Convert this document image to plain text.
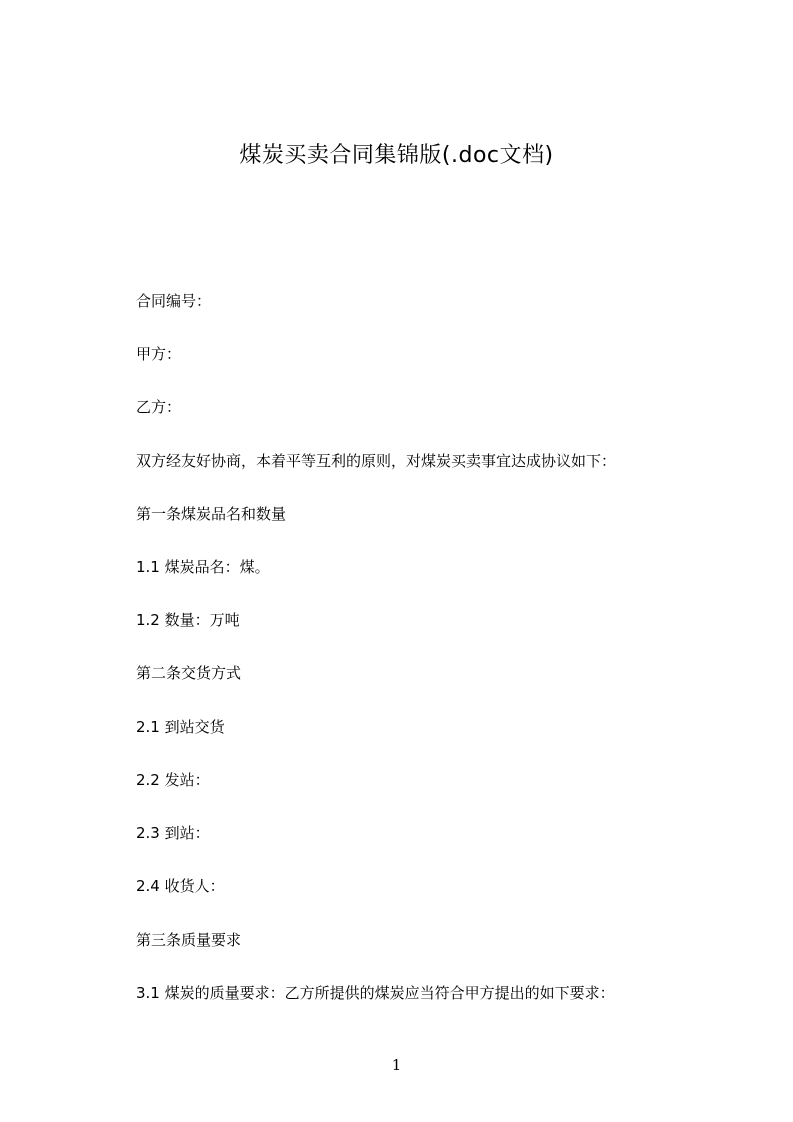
煤炭买卖合同集锦版(.doc文档)
合同编号：
甲方：
乙方：
双方经友好协商，本着平等互利的原则，对煤炭买卖事宜达成协议如下：
第一条煤炭品名和数量
1.1 煤炭品名：煤。
1.2 数量：万吨
第二条交货方式
2.1 到站交货
2.2 发站：
2.3 到站：
2.4 收货人：
第三条质量要求
3.1 煤炭的质量要求：乙方所提供的煤炭应当符合甲方提出的如下要求：
1
